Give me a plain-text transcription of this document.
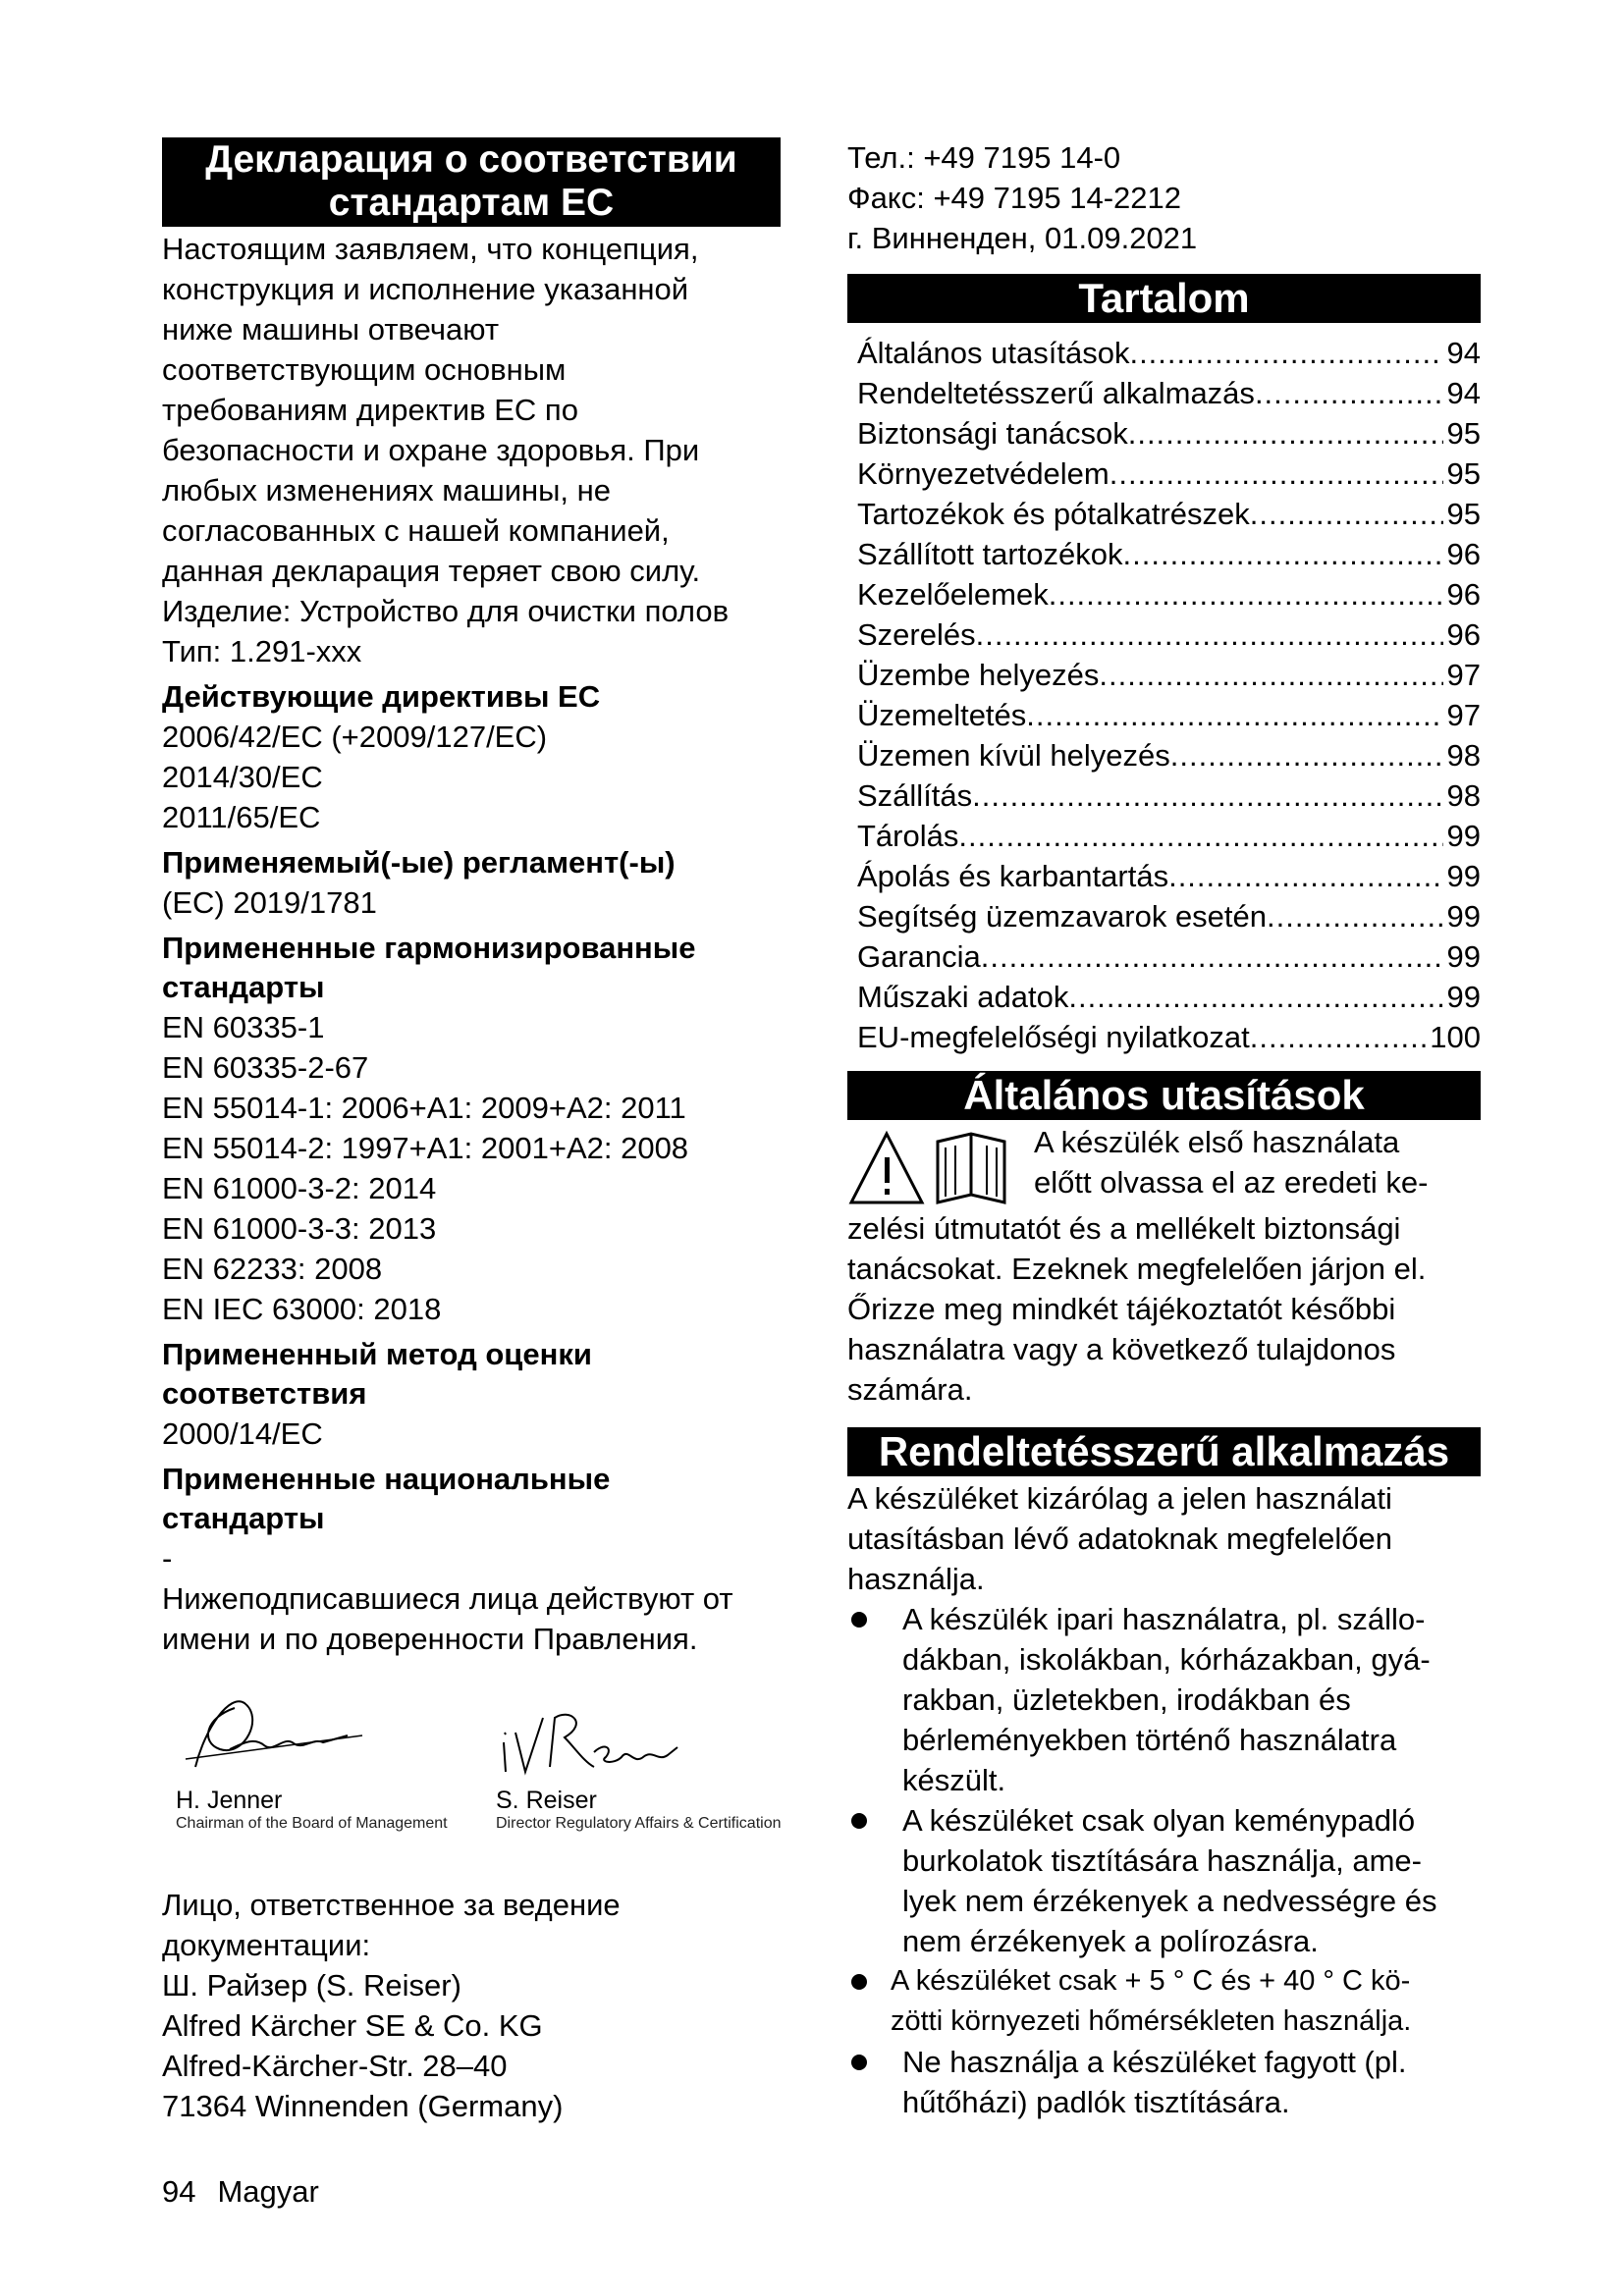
Декларация о соответствии
стандартам ЕС
Настоящим заявляем, что концепция,
конструкция и исполнение указанной
ниже машины отвечают
соответствующим основным
требованиям директив ЕС по
безопасности и охране здоровья. При
любых изменениях машины, не
согласованных с нашей компанией,
данная декларация теряет свою силу.
Изделие: Устройство для очистки полов
Тип: 1.291-xxx
Действующие директивы ЕС
2006/42/EC (+2009/127/EC)
2014/30/EC
2011/65/EC
Применяемый(-ые) регламент(-ы)
(EC) 2019/1781
Примененные гармонизированные
стандарты
EN 60335-1
EN 60335-2-67
EN 55014-1: 2006+A1: 2009+A2: 2011
EN 55014-2: 1997+A1: 2001+A2: 2008
EN 61000-3-2: 2014
EN 61000-3-3: 2013
EN 62233: 2008
EN IEC 63000: 2018
Примененный метод оценки
соответствия
2000/14/EC
Примененные национальные
стандарты
-
Нижеподписавшиеся лица действуют от
имени и по доверенности Правления.
H. Jenner
Chairman of the Board of Management
S. Reiser
Director Regulatory Affairs & Certification
Лицо, ответственное за ведение
документации:
Ш. Райзер (S. Reiser)
Alfred Kärcher SE & Co. KG
Alfred-Kärcher-Str. 28–40
71364 Winnenden (Germany)
Тел.: +49 7195 14-0
Факс: +49 7195 14-2212
г. Винненден, 01.09.2021
Tartalom
Általános utasítások .....	94
Rendeltetésszerű alkalmazás .....	94
Biztonsági tanácsok .....	95
Környezetvédelem .....	95
Tartozékok és pótalkatrészek .....	95
Szállított tartozékok .....	96
Kezelőelemek .....	96
Szerelés .....	96
Üzembe helyezés .....	97
Üzemeltetés .....	97
Üzemen kívül helyezés .....	98
Szállítás .....	98
Tárolás .....	99
Ápolás és karbantartás .....	99
Segítség üzemzavarok esetén .....	99
Garancia .....	99
Műszaki adatok .....	99
EU-megfelelőségi nyilatkozat .....	100
Általános utasítások
A készülék első használata
előtt olvassa el az eredeti ke-
zelési útmutatót és a mellékelt biztonsági
tanácsokat. Ezeknek megfelelően járjon el.
Őrizze meg mindkét tájékoztatót későbbi
használatra vagy a következő tulajdonos
számára.
Rendeltetésszerű alkalmazás
A készüléket kizárólag a jelen használati
utasításban lévő adatoknak megfelelően
használja.
A készülék ipari használatra, pl. szállo-
dákban, iskolákban, kórházakban, gyá-
rakban, üzletekben, irodákban és
bérleményekben történő használatra
készült.
A készüléket csak olyan keménypadló
burkolatok tisztítására használja, ame-
lyek nem érzékenyek a nedvességre és
nem érzékenyek a polírozásra.
A készüléket csak + 5 ° C és + 40 ° C kö-
zötti környezeti hőmérsékleten használja.
Ne használja a készüléket fagyott (pl.
hűtőházi) padlók tisztítására.
94 Magyar
